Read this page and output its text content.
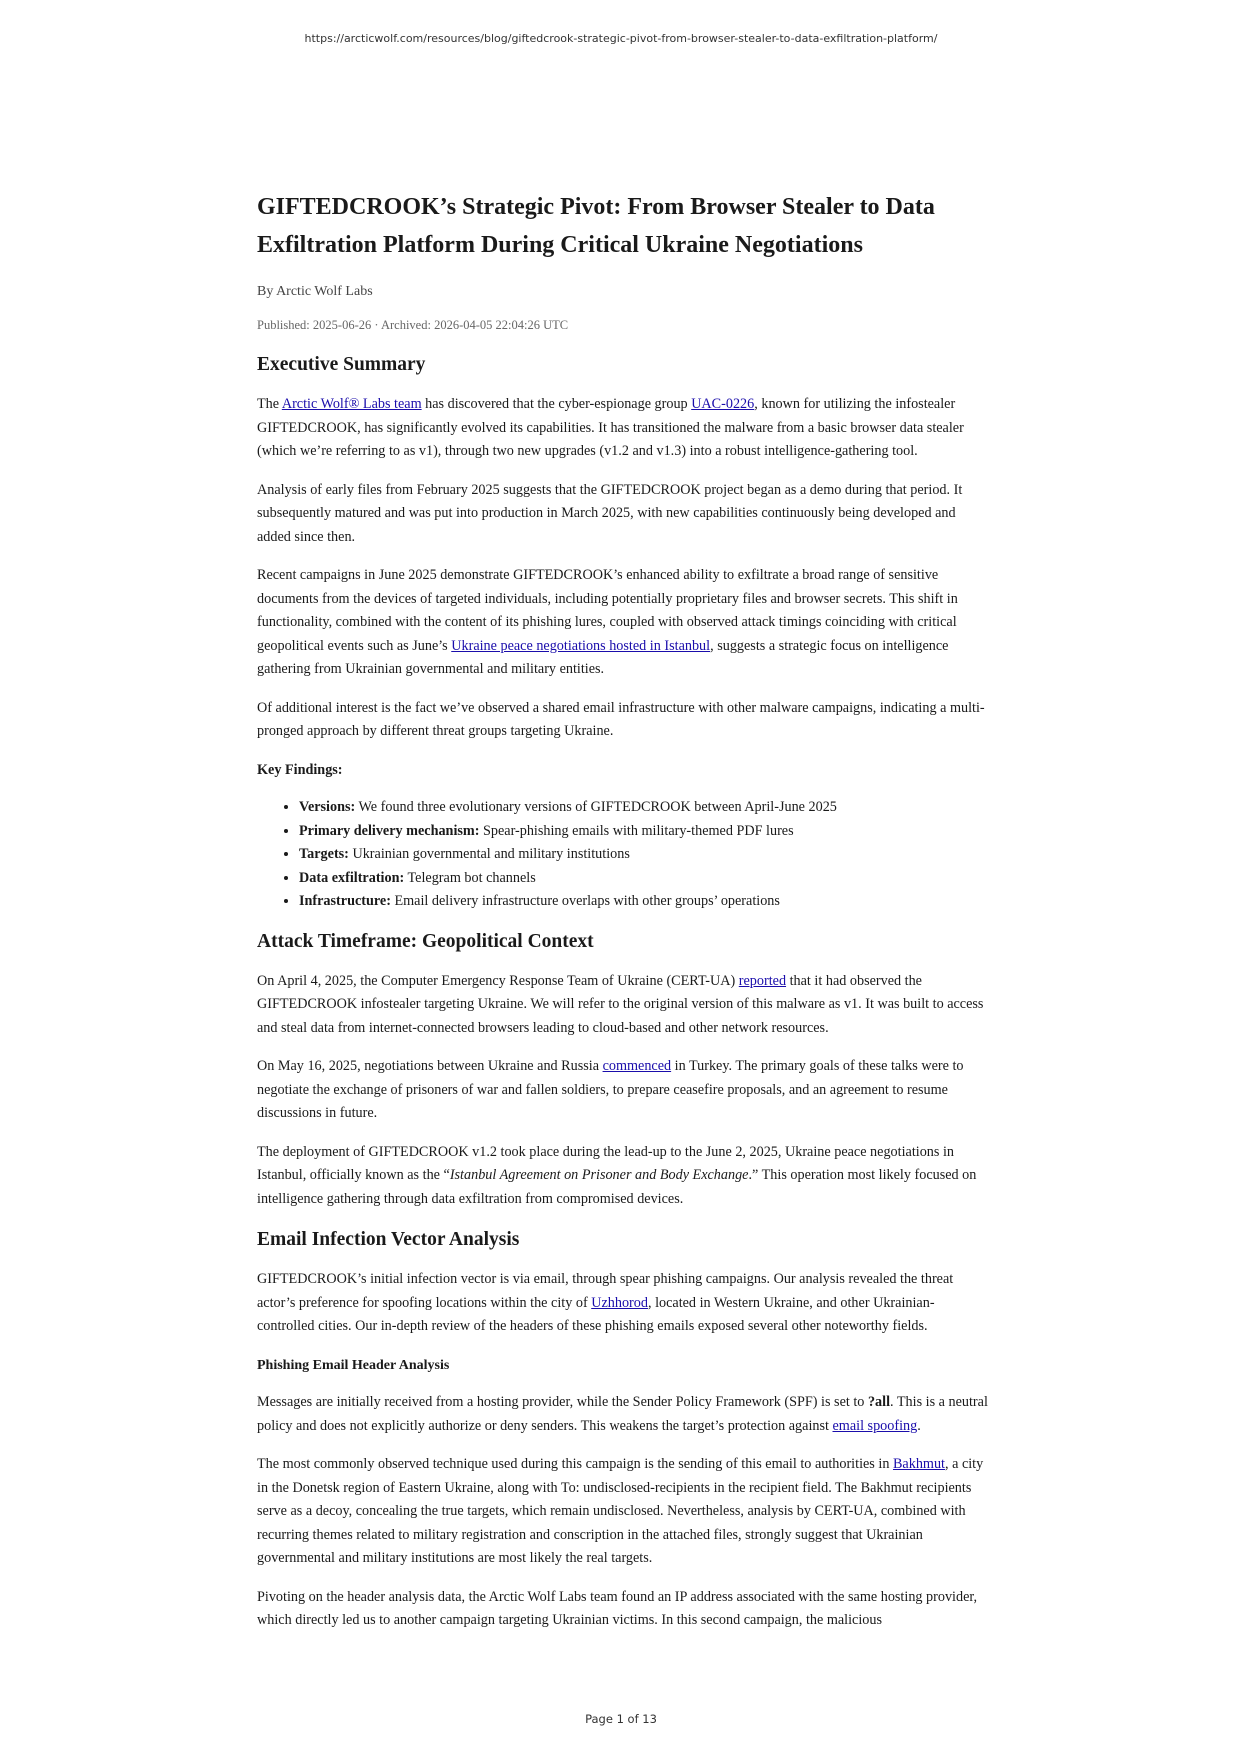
https://arcticwolf.com/resources/blog/giftedcrook-strategic-pivot-from-browser-stealer-to-data-exfiltration-platform/
GIFTEDCROOK’s Strategic Pivot: From Browser Stealer to Data Exfiltration Platform During Critical Ukraine Negotiations
By Arctic Wolf Labs
Published: 2025-06-26 · Archived: 2026-04-05 22:04:26 UTC
Executive Summary

The Arctic Wolf® Labs team has discovered that the cyber-espionage group UAC-0226, known for utilizing the infostealer GIFTEDCROOK, has significantly evolved its capabilities. It has transitioned the malware from a basic browser data stealer (which we’re referring to as v1), through two new upgrades (v1.2 and v1.3) into a robust intelligence-gathering tool.

Analysis of early files from February 2025 suggests that the GIFTEDCROOK project began as a demo during that period. It subsequently matured and was put into production in March 2025, with new capabilities continuously being developed and added since then.

Recent campaigns in June 2025 demonstrate GIFTEDCROOK’s enhanced ability to exfiltrate a broad range of sensitive documents from the devices of targeted individuals, including potentially proprietary files and browser secrets. This shift in functionality, combined with the content of its phishing lures, coupled with observed attack timings coinciding with critical geopolitical events such as June’s Ukraine peace negotiations hosted in Istanbul, suggests a strategic focus on intelligence gathering from Ukrainian governmental and military entities.

Of additional interest is the fact we’ve observed a shared email infrastructure with other malware campaigns, indicating a multi-pronged approach by different threat groups targeting Ukraine.

Key Findings:
• Versions: We found three evolutionary versions of GIFTEDCROOK between April-June 2025
• Primary delivery mechanism: Spear-phishing emails with military-themed PDF lures
• Targets: Ukrainian governmental and military institutions
• Data exfiltration: Telegram bot channels
• Infrastructure: Email delivery infrastructure overlaps with other groups’ operations
Attack Timeframe: Geopolitical Context

On April 4, 2025, the Computer Emergency Response Team of Ukraine (CERT-UA) reported that it had observed the GIFTEDCROOK infostealer targeting Ukraine. We will refer to the original version of this malware as v1. It was built to access and steal data from internet-connected browsers leading to cloud-based and other network resources.

On May 16, 2025, negotiations between Ukraine and Russia commenced in Turkey. The primary goals of these talks were to negotiate the exchange of prisoners of war and fallen soldiers, to prepare ceasefire proposals, and an agreement to resume discussions in future.

The deployment of GIFTEDCROOK v1.2 took place during the lead-up to the June 2, 2025, Ukraine peace negotiations in Istanbul, officially known as the “Istanbul Agreement on Prisoner and Body Exchange.” This operation most likely focused on intelligence gathering through data exfiltration from compromised devices.

Email Infection Vector Analysis

GIFTEDCROOK’s initial infection vector is via email, through spear phishing campaigns. Our analysis revealed the threat actor’s preference for spoofing locations within the city of Uzhhorod, located in Western Ukraine, and other Ukrainian-controlled cities. Our in-depth review of the headers of these phishing emails exposed several other noteworthy fields.

Phishing Email Header Analysis

Messages are initially received from a hosting provider, while the Sender Policy Framework (SPF) is set to ?all. This is a neutral policy and does not explicitly authorize or deny senders. This weakens the target’s protection against email spoofing.

The most commonly observed technique used during this campaign is the sending of this email to authorities in Bakhmut, a city in the Donetsk region of Eastern Ukraine, along with To: undisclosed-recipients in the recipient field. The Bakhmut recipients serve as a decoy, concealing the true targets, which remain undisclosed. Nevertheless, analysis by CERT-UA, combined with recurring themes related to military registration and conscription in the attached files, strongly suggest that Ukrainian governmental and military institutions are most likely the real targets.

Pivoting on the header analysis data, the Arctic Wolf Labs team found an IP address associated with the same hosting provider, which directly led us to another campaign targeting Ukrainian victims. In this second campaign, the malicious

Page 1 of 13
